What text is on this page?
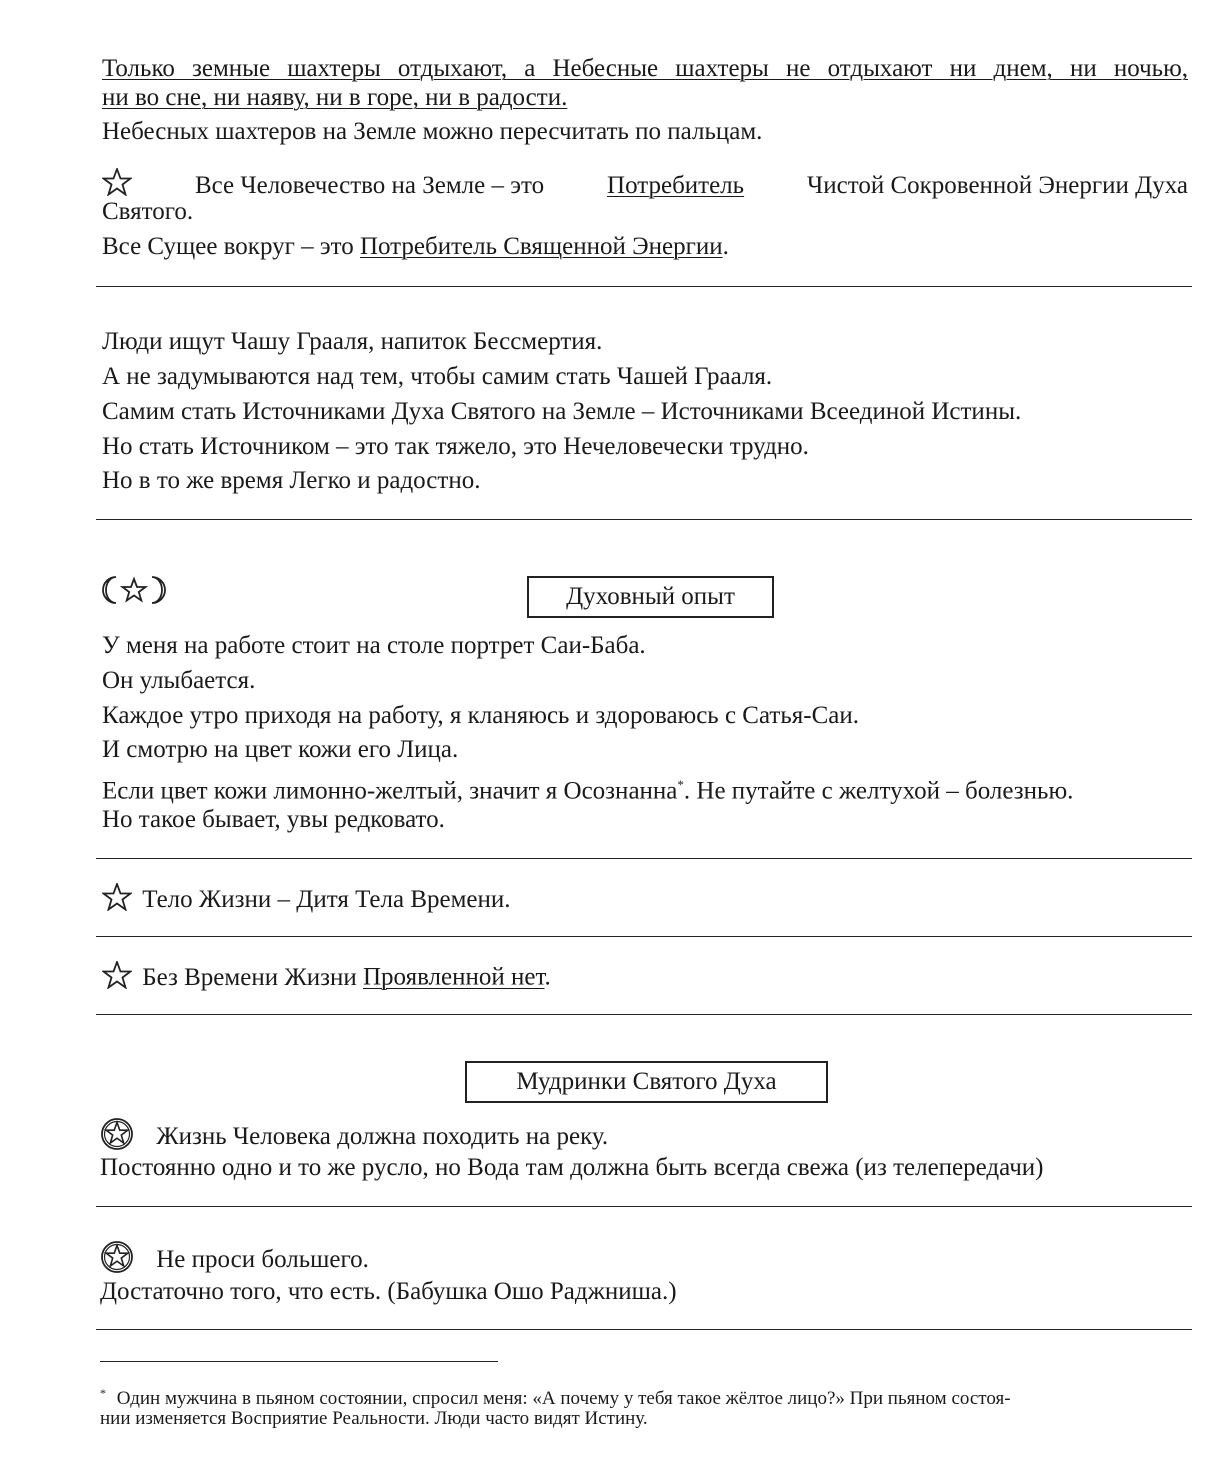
Только земные шахтеры отдыхают, а Небесные шахтеры не отдыхают ни днем, ни ночью,
ни во сне, ни наяву, ни в горе, ни в радости.
Небесных шахтеров на Земле можно пересчитать по пальцам.
Все Человечество на Земле – это	Потребитель	Чистой Сокровенной Энергии Духа
Святого.
Все Сущее вокруг – это Потребитель Священной Энергии.
Люди ищут Чашу Грааля, напиток Бессмертия.
А не задумываются над тем, чтобы самим стать Чашей Грааля.
Самим стать Источниками Духа Святого на Земле – Источниками Всеединой Истины.
Но стать Источником – это так тяжело, это Нечеловечески трудно.
Но в то же время Легко и радостно.
Духовный опыт
У меня на работе стоит на столе портрет Саи-Баба.
Он улыбается.
Каждое утро приходя на работу, я кланяюсь и здороваюсь с Сатья-Саи.
И смотрю на цвет кожи его Лица.
Если цвет кожи лимонно-желтый, значит я Осознанна*. Не путайте с желтухой – болезнью.
Но такое бывает, увы редковато.
Тело Жизни – Дитя Тела Времени.
Без Времени Жизни Проявленной нет.
Мудринки Святого Духа
Жизнь Человека должна походить на реку.
Постоянно одно и то же русло, но Вода там должна быть всегда свежа (из телепередачи)
Не проси большего.
Достаточно того, что есть. (Бабушка Ошо Раджниша.)
* Один мужчина в пьяном состоянии, спросил меня: «А почему у тебя такое жёлтое лицо?» При пьяном состоя-
нии изменяется Восприятие Реальности. Люди часто видят Истину.
